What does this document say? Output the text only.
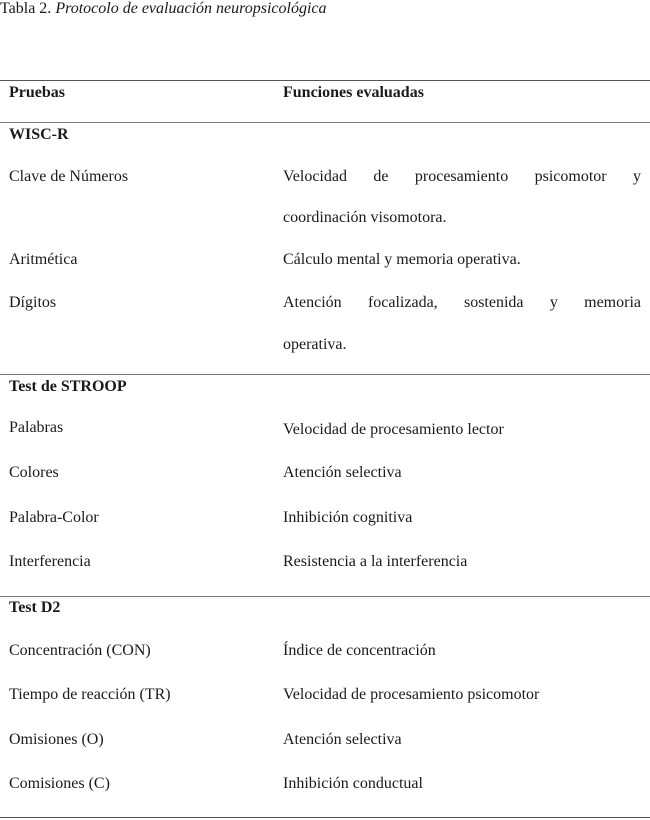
Tabla 2. Protocolo de evaluación neuropsicológica
Pruebas	Funciones evaluadas
WISC-R
Clave de Números	Velocidad de procesamiento psicomotor y
coordinación visomotora.
Aritmética	Cálculo mental y memoria operativa.
Dígitos	Atención focalizada, sostenida y memoria
operativa.
Test de STROOP
Palabras	Velocidad de procesamiento lector
Colores	Atención selectiva
Palabra-Color	Inhibición cognitiva
Interferencia	Resistencia a la interferencia
Test D2
Concentración (CON)	Índice de concentración
Tiempo de reacción (TR)	Velocidad de procesamiento psicomotor
Omisiones (O)	Atención selectiva
Comisiones (C)	Inhibición conductual
